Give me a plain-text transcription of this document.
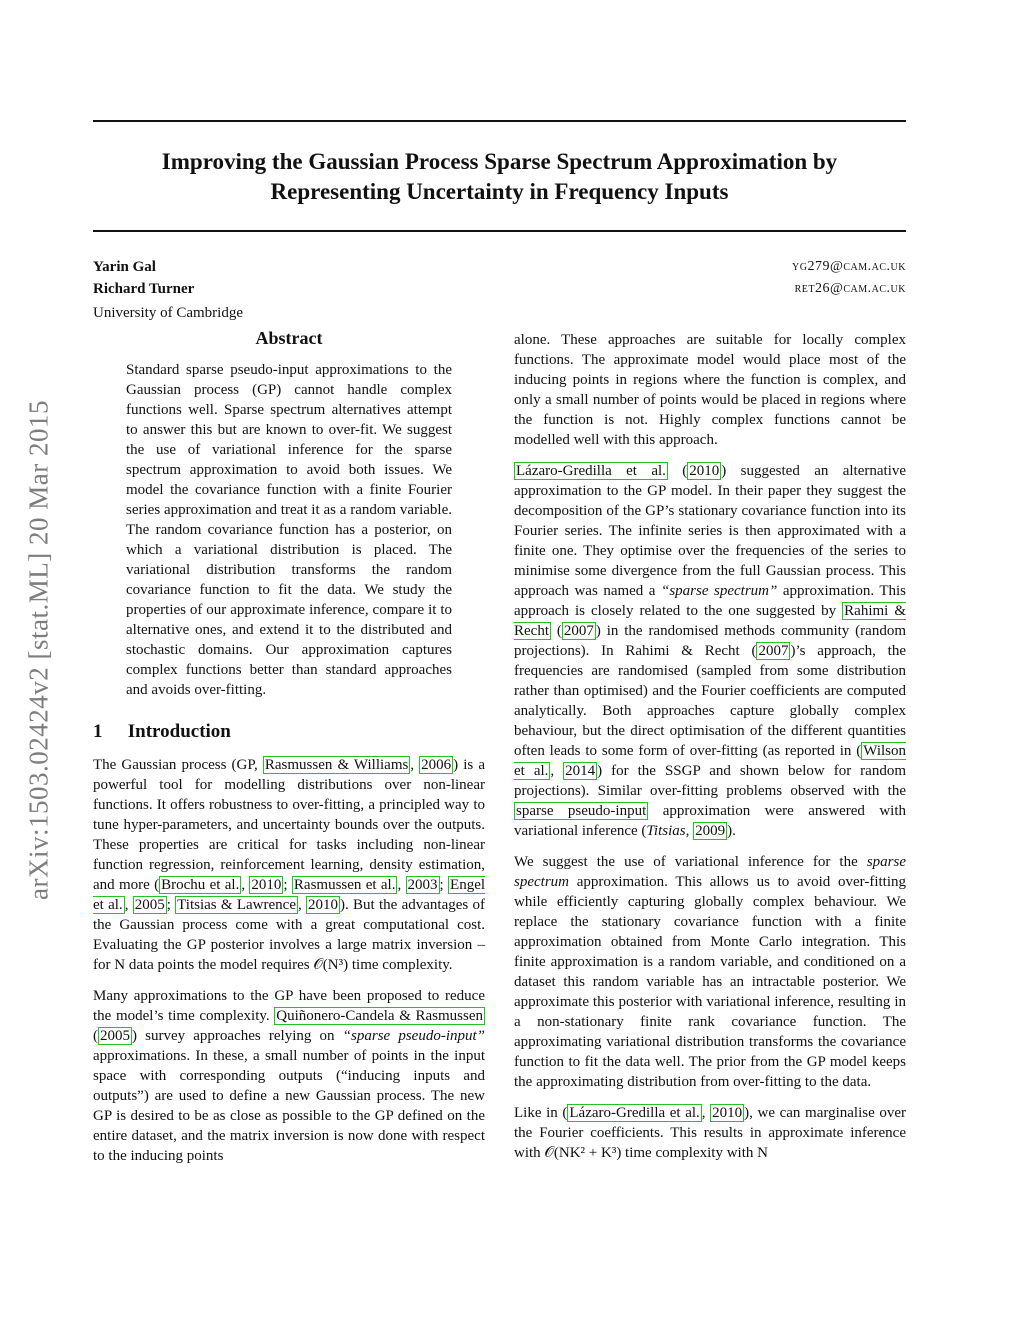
Improving the Gaussian Process Sparse Spectrum Approximation by
Representing Uncertainty in Frequency Inputs
Yarin Gal	yg279@cam.ac.uk
Richard Turner	ret26@cam.ac.uk
University of Cambridge
arXiv:1503.02424v2 [stat.ML] 20 Mar 2015
Abstract
Standard sparse pseudo-input approximations to the Gaussian process (GP) cannot handle complex functions well. Sparse spectrum alternatives attempt to answer this but are known to over-fit. We suggest the use of variational inference for the sparse spectrum approximation to avoid both issues. We model the covariance function with a finite Fourier series approximation and treat it as a random variable. The random covariance function has a posterior, on which a variational distribution is placed. The variational distribution transforms the random covariance function to fit the data. We study the properties of our approximate inference, compare it to alternative ones, and extend it to the distributed and stochastic domains. Our approximation captures complex functions better than standard approaches and avoids over-fitting.
1 Introduction

The Gaussian process (GP, Rasmussen & Williams , 2006 ) is a powerful tool for modelling distributions over non-linear functions. It offers robustness to over-fitting, a principled way to tune hyper-parameters, and uncertainty bounds over the outputs. These properties are critical for tasks including non-linear function regression, reinforcement learning, density estimation, and more ( Brochu et al. , 2010 ; Rasmussen et al. , 2003 ; Engel et al. , 2005 ; Titsias & Lawrence , 2010 ). But the advantages of the Gaussian process come with a great computational cost. Evaluating the GP posterior involves a large matrix inversion – for N data points the model requires 𝒪(N³) time complexity.

Many approximations to the GP have been proposed to reduce the model’s time complexity. Quiñonero-Candela & Rasmussen ( 2005 ) survey approaches relying on “sparse pseudo-input” approximations. In these, a small number of points in the input space with corresponding outputs (“inducing inputs and outputs”) are used to define a new Gaussian process. The new GP is desired to be as close as possible to the GP defined on the entire dataset, and the matrix inversion is now done with respect to the inducing points

alone. These approaches are suitable for locally complex functions. The approximate model would place most of the inducing points in regions where the function is complex, and only a small number of points would be placed in regions where the function is not. Highly complex functions cannot be modelled well with this approach.

Lázaro-Gredilla et al. ( 2010 ) suggested an alternative approximation to the GP model. In their paper they suggest the decomposition of the GP’s stationary covariance function into its Fourier series. The infinite series is then approximated with a finite one. They optimise over the frequencies of the series to minimise some divergence from the full Gaussian process. This approach was named a “sparse spectrum” approximation. This approach is closely related to the one suggested by Rahimi & Recht ( 2007 ) in the randomised methods community (random projections). In Rahimi & Recht ( 2007 )’s approach, the frequencies are randomised (sampled from some distribution rather than optimised) and the Fourier coefficients are computed analytically. Both approaches capture globally complex behaviour, but the direct optimisation of the different quantities often leads to some form of over-fitting (as reported in ( Wilson et al. , 2014 ) for the SSGP and shown below for random projections). Similar over-fitting problems observed with the sparse pseudo-input approximation were answered with variational inference (Titsias, 2009 ).

We suggest the use of variational inference for the sparse spectrum approximation. This allows us to avoid over-fitting while efficiently capturing globally complex behaviour. We replace the stationary covariance function with a finite approximation obtained from Monte Carlo integration. This finite approximation is a random variable, and conditioned on a dataset this random variable has an intractable posterior. We approximate this posterior with variational inference, resulting in a non-stationary finite rank covariance function. The approximating variational distribution transforms the covariance function to fit the data well. The prior from the GP model keeps the approximating distribution from over-fitting to the data.

Like in ( Lázaro-Gredilla et al. , 2010 ), we can marginalise over the Fourier coefficients. This results in approximate inference with 𝒪(NK² + K³) time complexity with N
